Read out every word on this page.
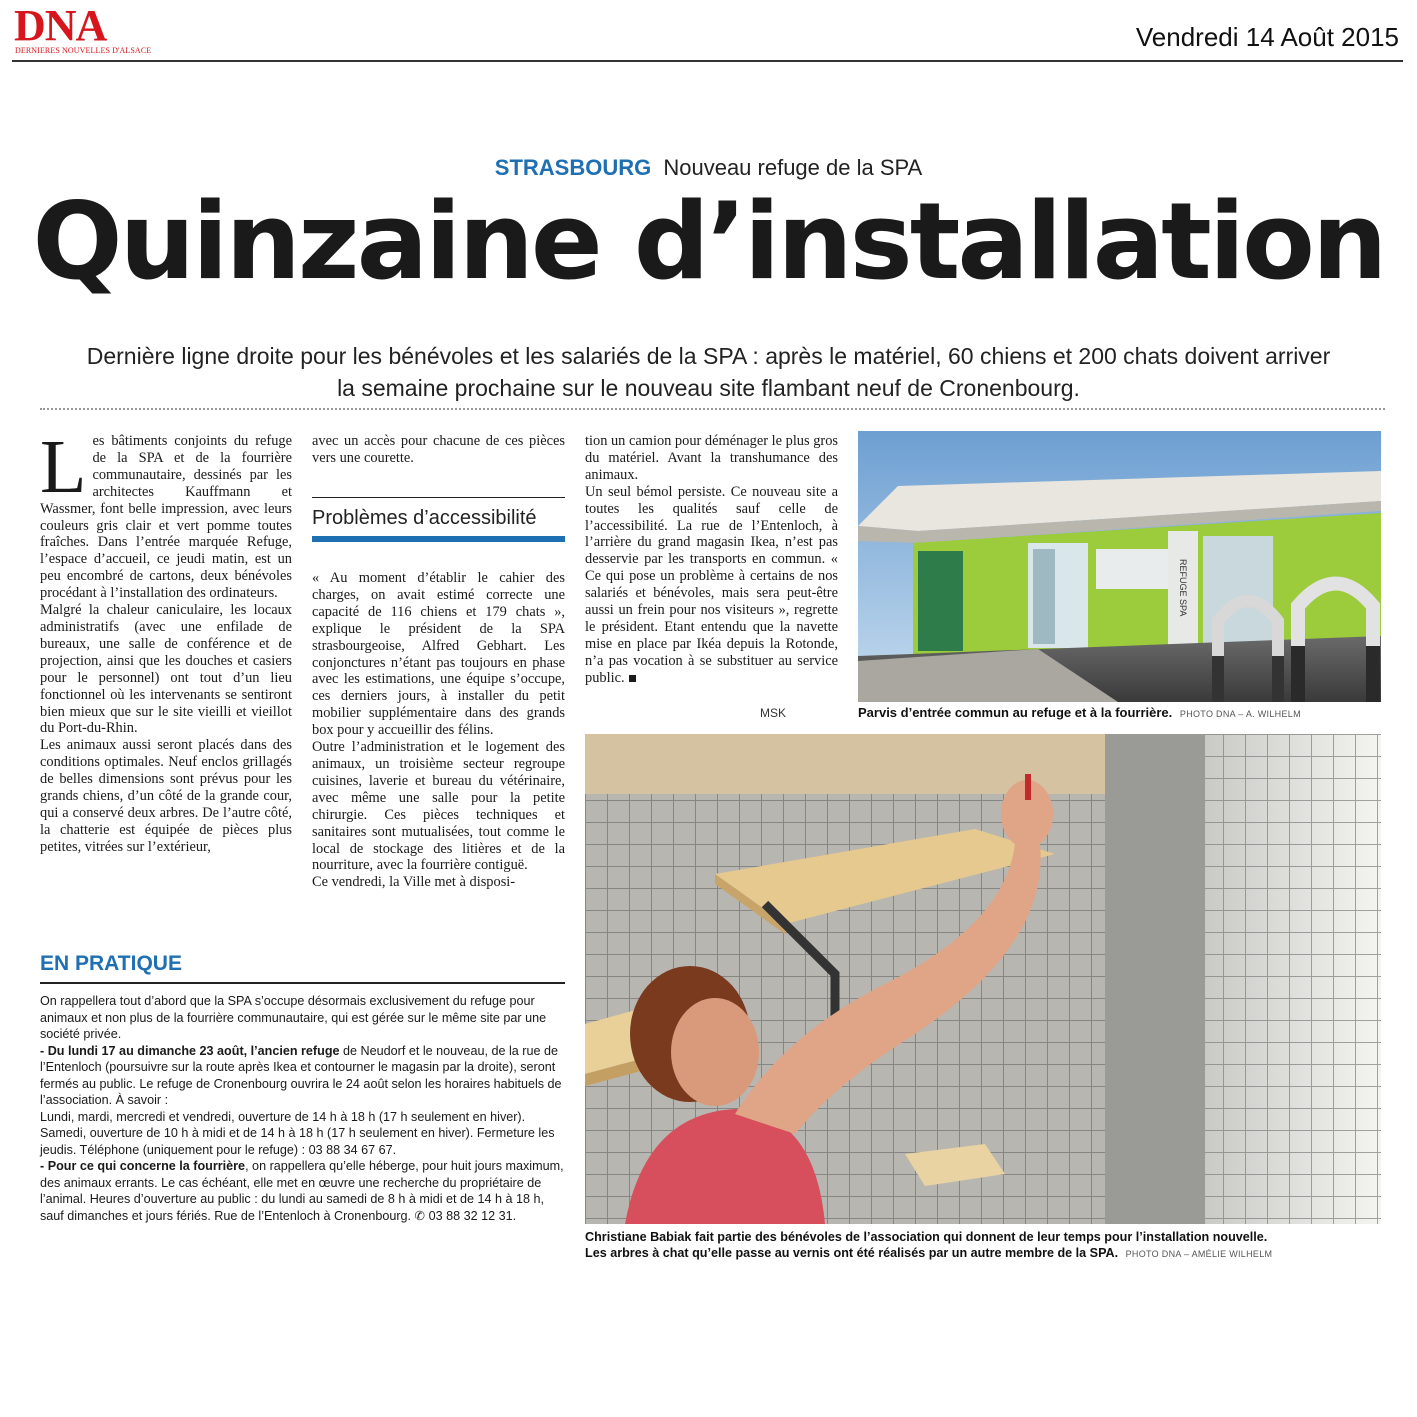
DNA
DERNIERES NOUVELLES D'ALSACE	Vendredi 14 Août 2015
STRASBOURG Nouveau refuge de la SPA
Quinzaine d’installation
Dernière ligne droite pour les bénévoles et les salariés de la SPA : après le matériel, 60 chiens et 200 chats doivent arriver
la semaine prochaine sur le nouveau site flambant neuf de Cronenbourg.
L es bâtiments conjoints du refuge de la SPA et de la fourrière communautaire, dessinés par les architectes Kauffmann et Wassmer, font belle impression, avec leurs couleurs gris clair et vert pomme toutes fraîches. Dans l’entrée marquée Refuge, l’espace d’accueil, ce jeudi matin, est un peu encombré de cartons, deux bénévoles procédant à l’installation des ordinateurs.

Malgré la chaleur caniculaire, les locaux administratifs (avec une enfilade de bureaux, une salle de conférence et de projection, ainsi que les douches et casiers pour le personnel) ont tout d’un lieu fonctionnel où les intervenants se sentiront bien mieux que sur le site vieilli et vieillot du Port-du-Rhin.

Les animaux aussi seront placés dans des conditions optimales. Neuf enclos grillagés de belles dimensions sont prévus pour les grands chiens, d’un côté de la grande cour, qui a conservé deux arbres. De l’autre côté, la chatterie est équipée de pièces plus petites, vitrées sur l’extérieur,

avec un accès pour chacune de ces pièces vers une courette.

Problèmes d’accessibilité

« Au moment d’établir le cahier des charges, on avait estimé correcte une capacité de 116 chiens et 179 chats », explique le président de la SPA strasbourgeoise, Alfred Gebhart. Les conjonctures n’étant pas toujours en phase avec les estimations, une équipe s’occupe, ces derniers jours, à installer du petit mobilier supplémentaire dans des grands box pour y accueillir des félins.

Outre l’administration et le logement des animaux, un troisième secteur regroupe cuisines, laverie et bureau du vétérinaire, avec même une salle pour la petite chirurgie. Ces pièces techniques et sanitaires sont mutualisées, tout comme le local de stockage des litières et de la nourriture, avec la fourrière contiguë.

Ce vendredi, la Ville met à disposi-

tion un camion pour déménager le plus gros du matériel. Avant la transhumance des animaux.

Un seul bémol persiste. Ce nouveau site a toutes les qualités sauf celle de l’accessibilité. La rue de l’Entenloch, à l’arrière du grand magasin Ikea, n’est pas desservie par les transports en commun. « Ce qui pose un problème à certains de nos salariés et bénévoles, mais sera peut-être aussi un frein pour nos visiteurs », regrette le président. Etant entendu que la navette mise en place par Ikéa depuis la Rotonde, n’a pas vocation à se substituer au service public.

MSK
REFUGE SPA
Parvis d’entrée commun au refuge et à la fourrière. PHOTO DNA – A. WILHELM
Christiane Babiak fait partie des bénévoles de l’association qui donnent de leur temps pour l’installation nouvelle.
Les arbres à chat qu’elle passe au vernis ont été réalisés par un autre membre de la SPA. PHOTO DNA – AMÉLIE WILHELM
EN PRATIQUE

On rappellera tout d’abord que la SPA s’occupe désormais exclusivement du refuge pour animaux et non plus de la fourrière communautaire, qui est gérée sur le même site par une société privée.

- Du lundi 17 au dimanche 23 août, l’ancien refuge de Neudorf et le nouveau, de la rue de l’Entenloch (poursuivre sur la route après Ikea et contourner le magasin par la droite), seront fermés au public. Le refuge de Cronenbourg ouvrira le 24 août selon les horaires habituels de l’association. À savoir :

Lundi, mardi, mercredi et vendredi, ouverture de 14 h à 18 h (17 h seulement en hiver). Samedi, ouverture de 10 h à midi et de 14 h à 18 h (17 h seulement en hiver). Fermeture les jeudis. Téléphone (uniquement pour le refuge) : 03 88 34 67 67.

- Pour ce qui concerne la fourrière, on rappellera qu’elle héberge, pour huit jours maximum, des animaux errants. Le cas échéant, elle met en œuvre une recherche du propriétaire de l’animal. Heures d’ouverture au public : du lundi au samedi de 8 h à midi et de 14 h à 18 h, sauf dimanches et jours fériés. Rue de l’Entenloch à Cronenbourg. ✆ 03 88 32 12 31.
